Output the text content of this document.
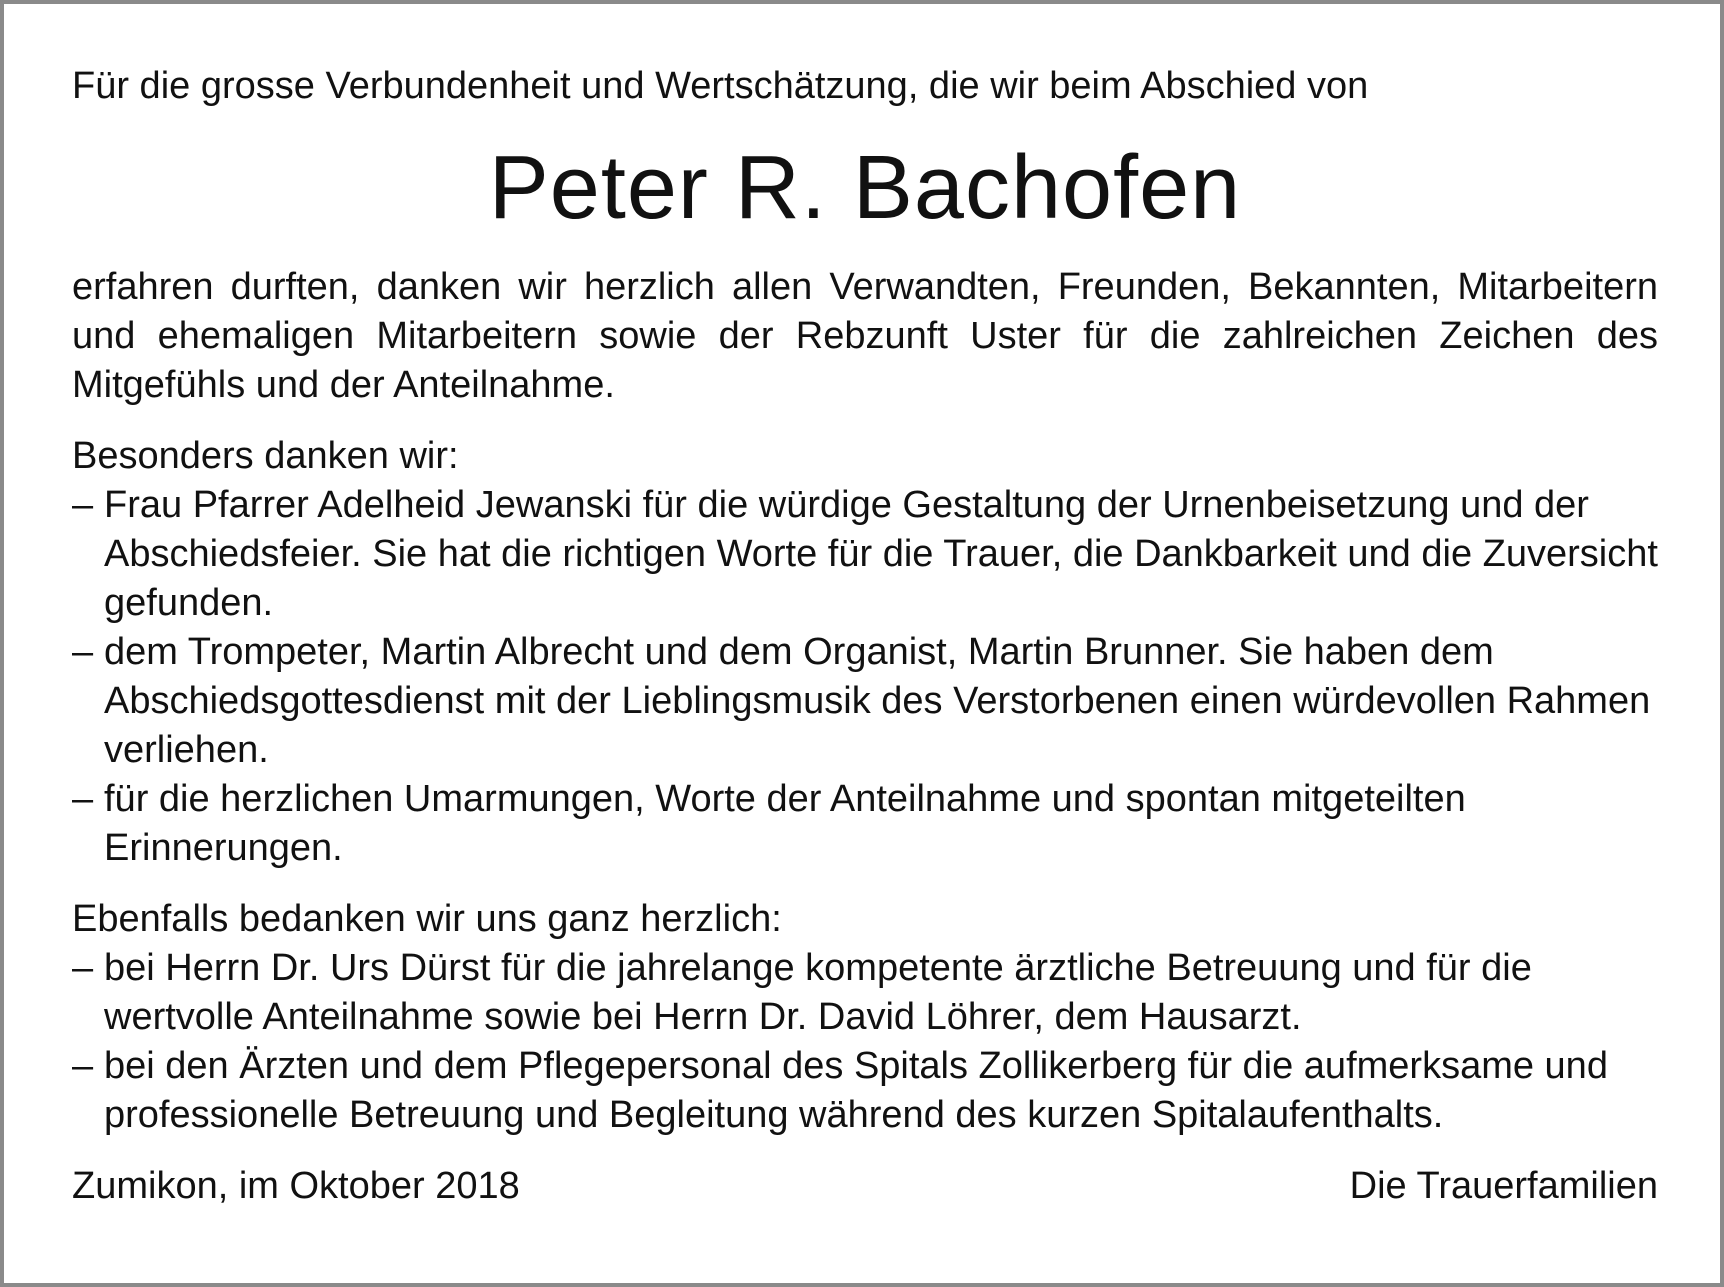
Für die grosse Verbundenheit und Wertschätzung, die wir beim Abschied von

Peter R. Bachofen

erfahren durften, danken wir herzlich allen Verwandten, Freunden, Bekannten, Mitarbeitern und ehemaligen Mitarbeitern sowie der Rebzunft Uster für die zahlreichen Zeichen des Mitgefühls und der Anteilnahme.

Besonders danken wir:

– Frau Pfarrer Adelheid Jewanski für die würdige Gestaltung der Urnenbeisetzung und der Abschiedsfeier. Sie hat die richtigen Worte für die Trauer, die Dankbarkeit und die Zuversicht gefunden.
– dem Trompeter, Martin Albrecht und dem Organist, Martin Brunner. Sie haben dem Abschiedsgottesdienst mit der Lieblingsmusik des Verstorbenen einen würdevollen Rahmen verliehen.
– für die herzlichen Umarmungen, Worte der Anteilnahme und spontan mitgeteilten Erinnerungen.

Ebenfalls bedanken wir uns ganz herzlich:

– bei Herrn Dr. Urs Dürst für die jahrelange kompetente ärztliche Betreuung und für die wertvolle Anteilnahme sowie bei Herrn Dr. David Löhrer, dem Hausarzt.
– bei den Ärzten und dem Pflegepersonal des Spitals Zollikerberg für die aufmerksame und professionelle Betreuung und Begleitung während des kurzen Spitalaufenthalts.
Zumikon, im Oktober 2018	Die Trauerfamilien
